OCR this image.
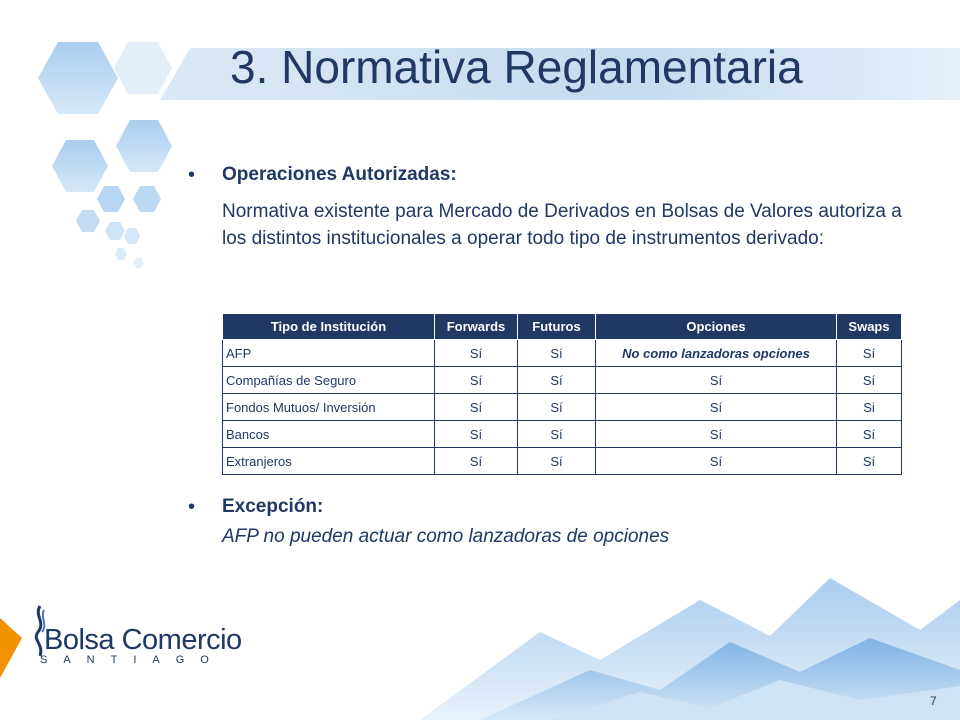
3. Normativa Reglamentaria
• Operaciones Autorizadas:
Normativa existente para Mercado de Derivados en Bolsas de Valores autoriza a los distintos institucionales a operar todo tipo de instrumentos derivado:
Tipo de Institución	Forwards	Futuros	Opciones	Swaps
AFP	Sí	Sí	No como lanzadoras opciones	Sí
Compañías de Seguro	Sí	Sí	Sí	Sí
Fondos Mutuos/ Inversión	Sí	Sí	Sí	Si
Bancos	Sí	Sí	Sí	Sí
Extranjeros	Sí	Sí	Sí	Sí
• Excepción:
AFP no pueden actuar como lanzadoras de opciones
Bolsa Comercio
SANTIAGO
7
